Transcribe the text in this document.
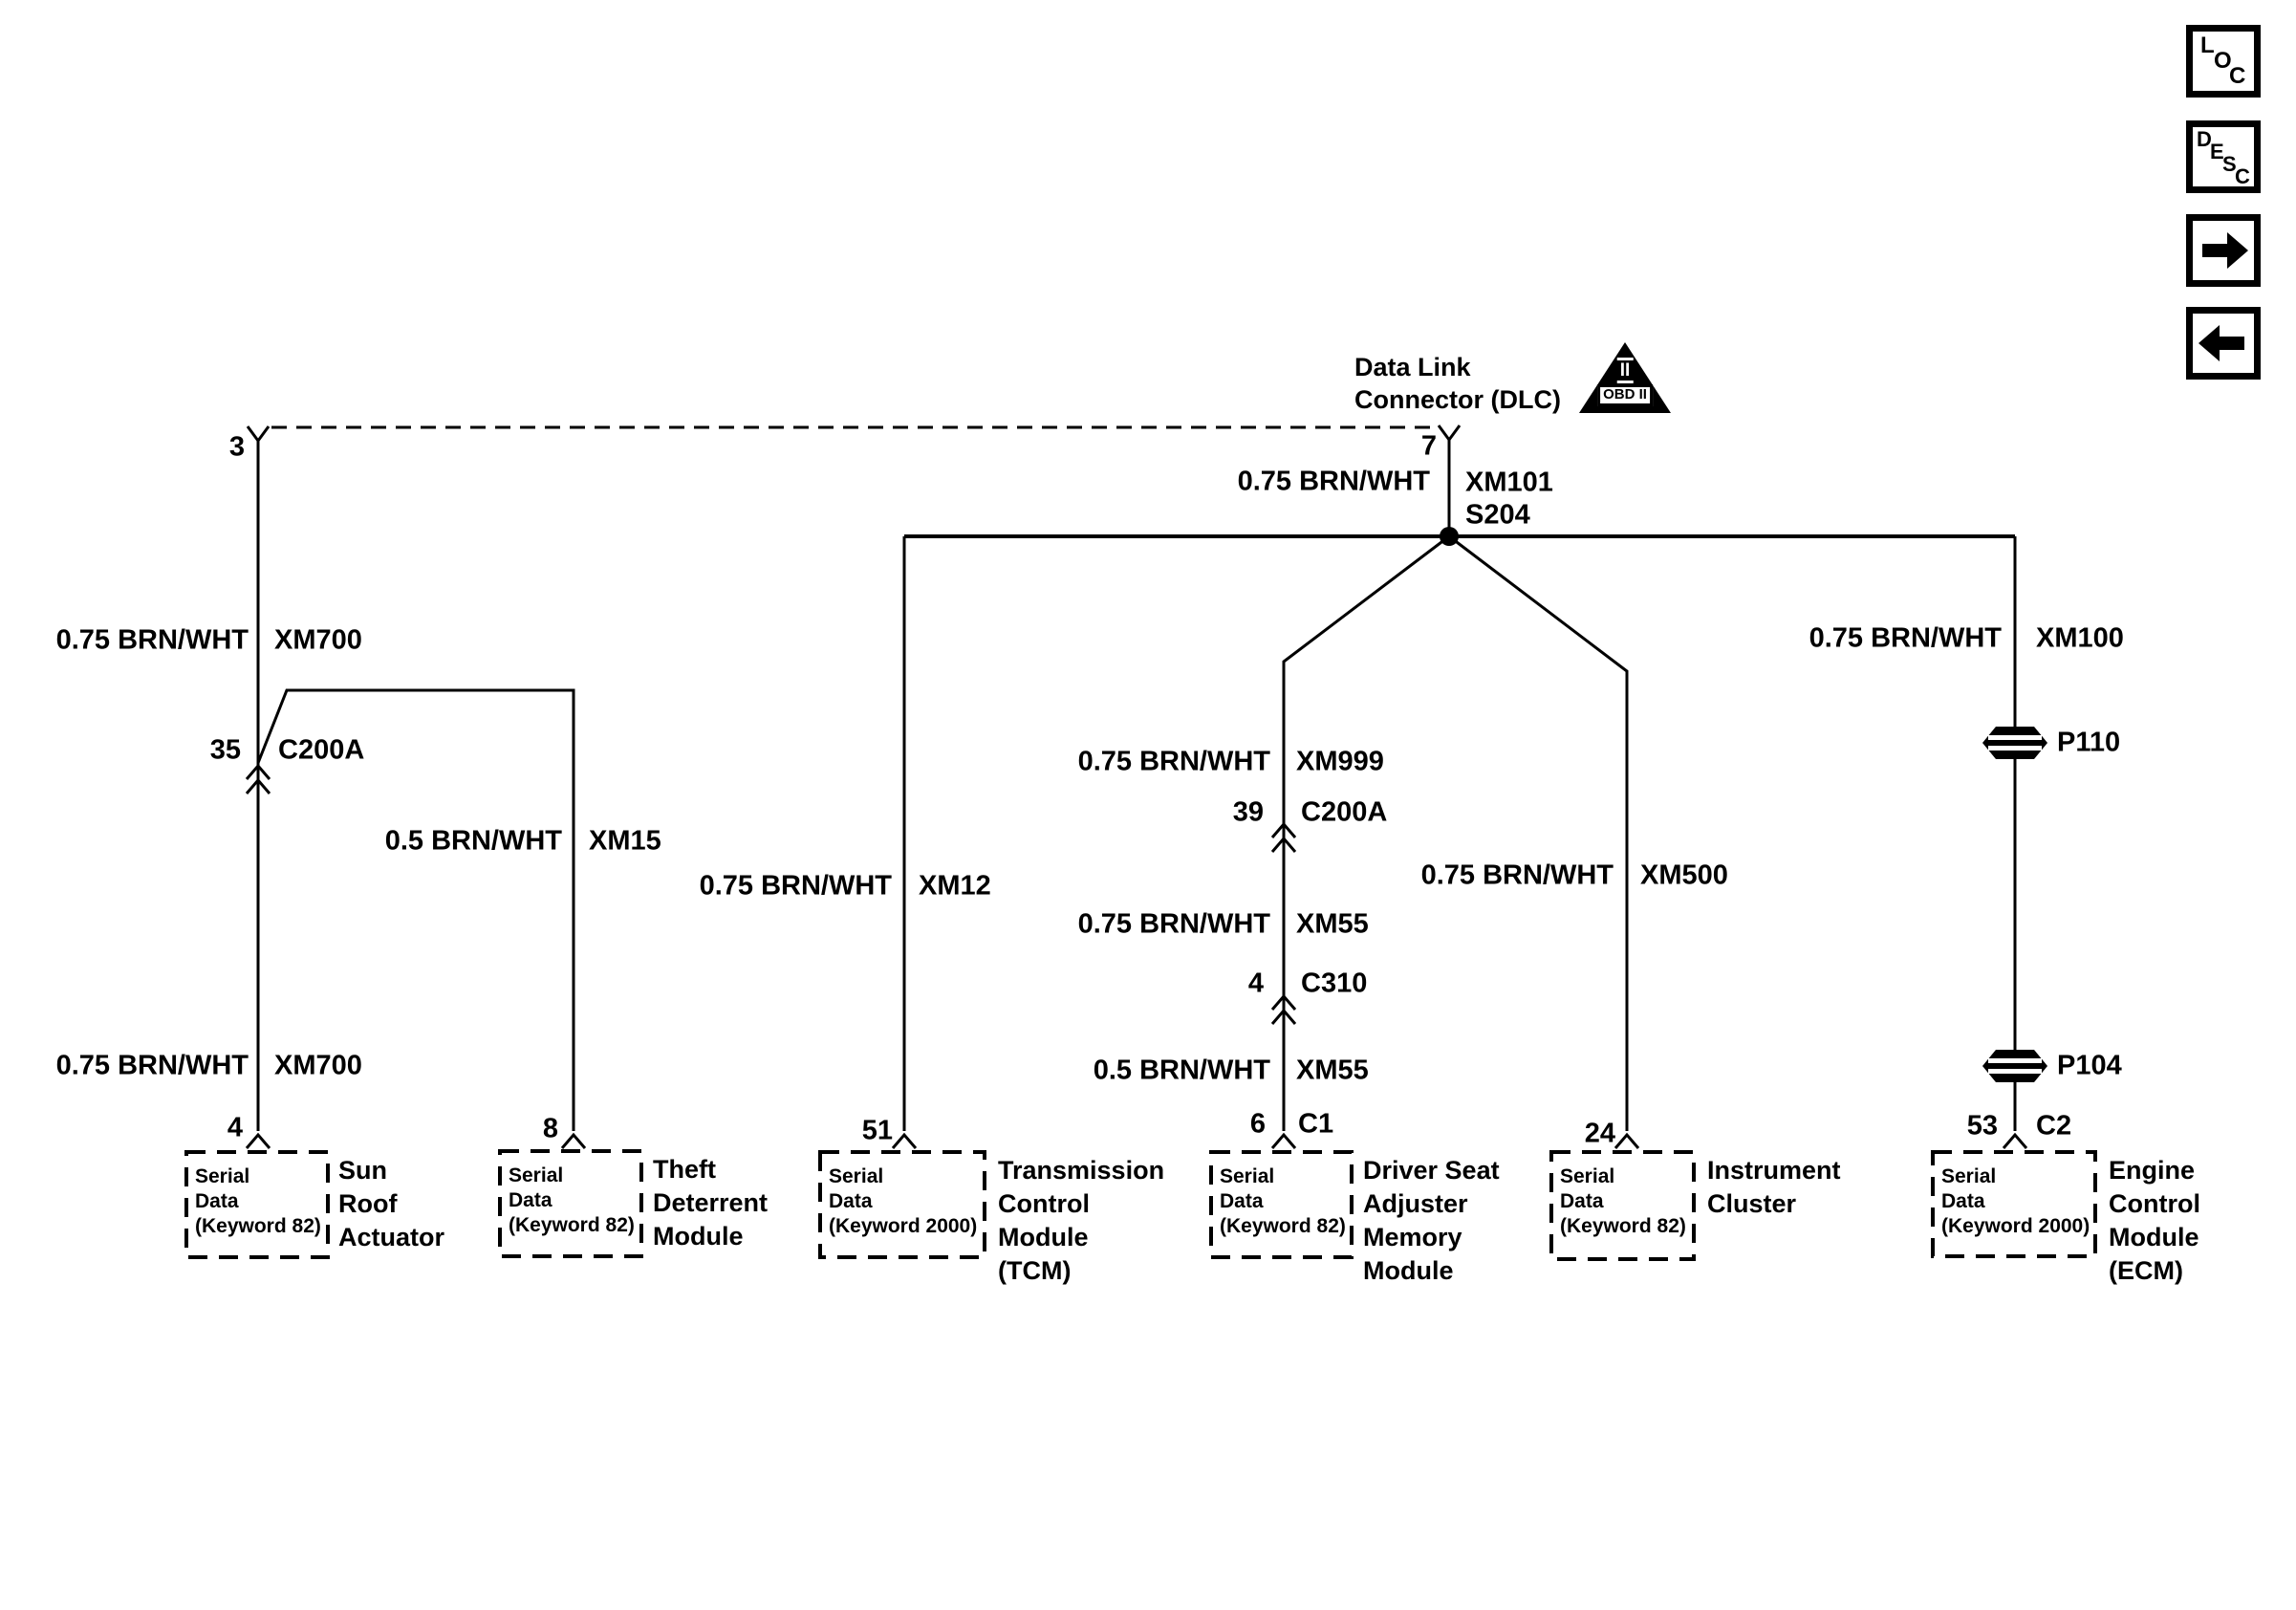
Data Link
Connector (DLC)
II
OBD II
3	7
0.75 BRN/WHT XM101
S204
0.75 BRN/WHT XM700
35 C200A
0.5 BRN/WHT XM15
0.75 BRN/WHT XM12
0.75 BRN/WHT XM999
39 C200A
0.75 BRN/WHT XM55
4 C310
0.5 BRN/WHT XM55
0.75 BRN/WHT XM500
0.75 BRN/WHT XM100
P110
P104
0.75 BRN/WHT XM700
4	8	51	6 C1	24	53 C2
Serial
Data
(Keyword 82)
Sun
Roof
Actuator
Serial
Data
(Keyword 82)
Theft
Deterrent
Module
Serial
Data
(Keyword 2000)
Transmission
Control
Module
(TCM)
Serial
Data
(Keyword 82)
Driver Seat
Adjuster
Memory
Module
Serial
Data
(Keyword 82)
Instrument
Cluster
Serial
Data
(Keyword 2000)
Engine
Control
Module
(ECM)
L
O
C
D
E
S
C
